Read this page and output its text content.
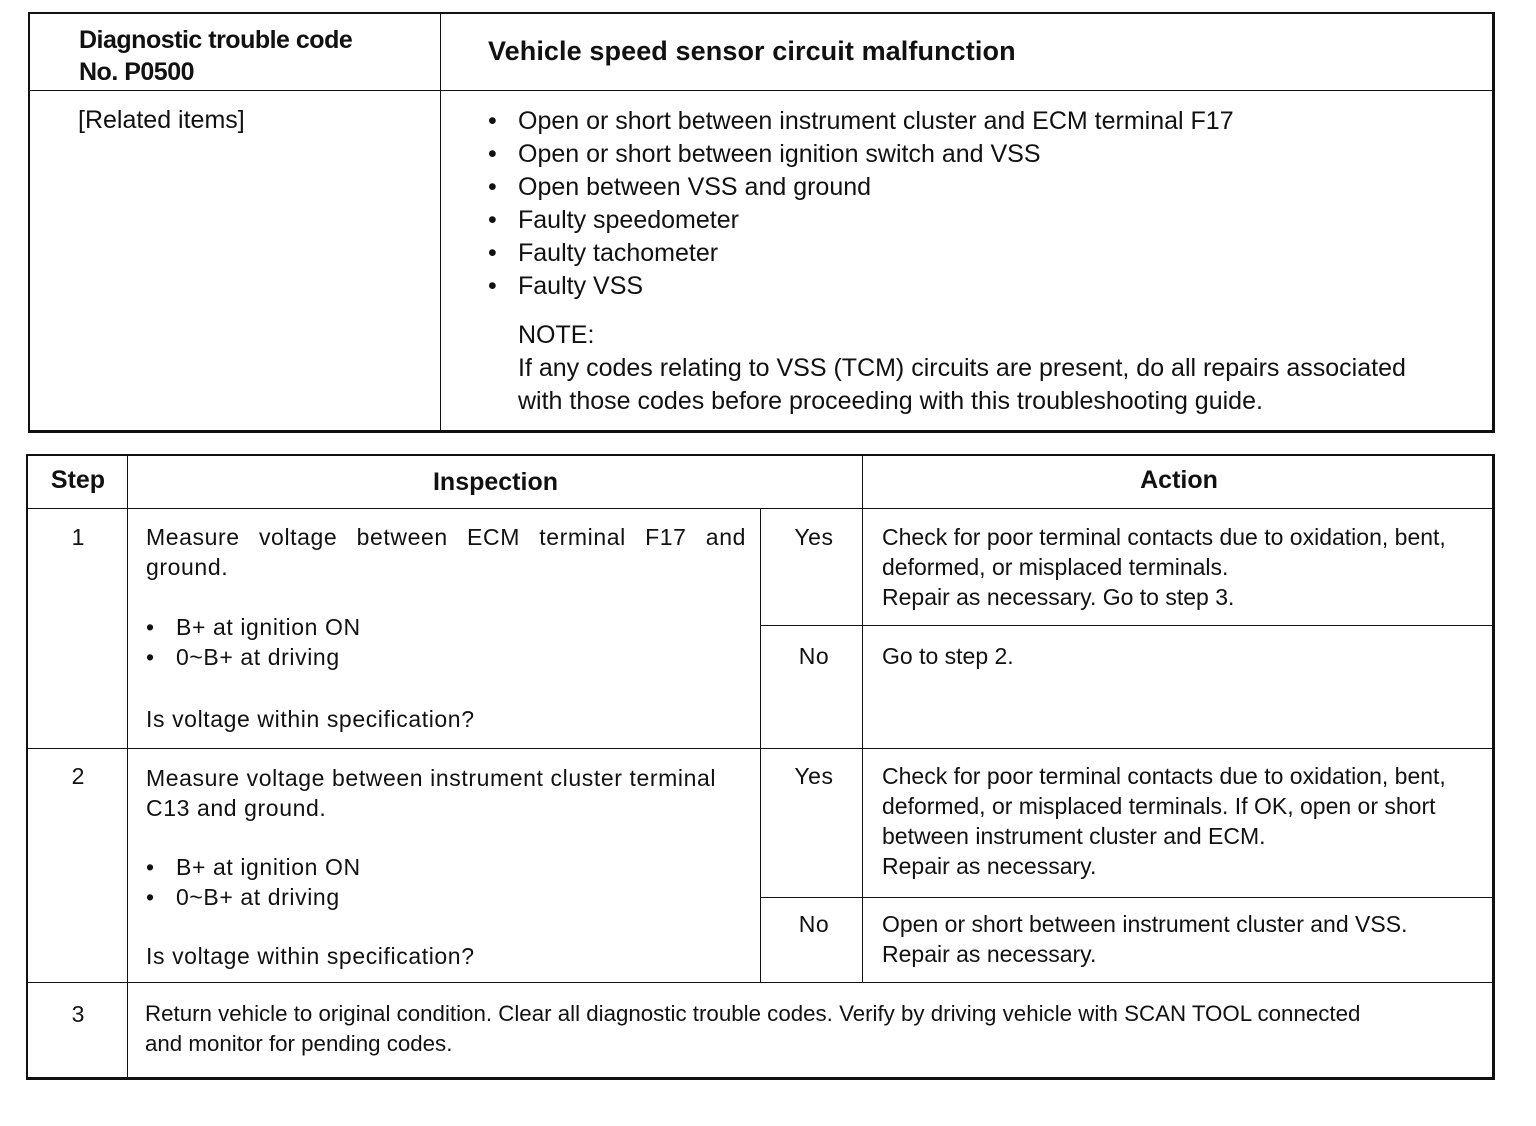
Diagnostic trouble code
No. P0500
Vehicle speed sensor circuit malfunction
[Related items]
•	Open or short between instrument cluster and ECM terminal F17
• Open or short between ignition switch and VSS
• Open between VSS and ground
• Faulty speedometer
• Faulty tachometer
• Faulty VSS
NOTE:
If any codes relating to VSS (TCM) circuits are present, do all repairs associated
with those codes before proceeding with this troubleshooting guide.
Step	Inspection	Action
1	Measure voltage between ECM terminal F17 and ground.
• B+ at ignition ON
• 0~B+ at driving
Is voltage within specification?
Yes	Check for poor terminal contacts due to oxidation, bent,
deformed, or misplaced terminals.
Repair as necessary. Go to step 3.
No	Go to step 2.
2	Measure voltage between instrument cluster terminal C13 and ground.
• B+ at ignition ON
• 0~B+ at driving
Is voltage within specification?
Yes	Check for poor terminal contacts due to oxidation, bent,
deformed, or misplaced terminals. If OK, open or short
between instrument cluster and ECM.
Repair as necessary.
No	Open or short between instrument cluster and VSS.
Repair as necessary.
3	Return vehicle to original condition. Clear all diagnostic trouble codes. Verify by driving vehicle with SCAN TOOL connected
and monitor for pending codes.
